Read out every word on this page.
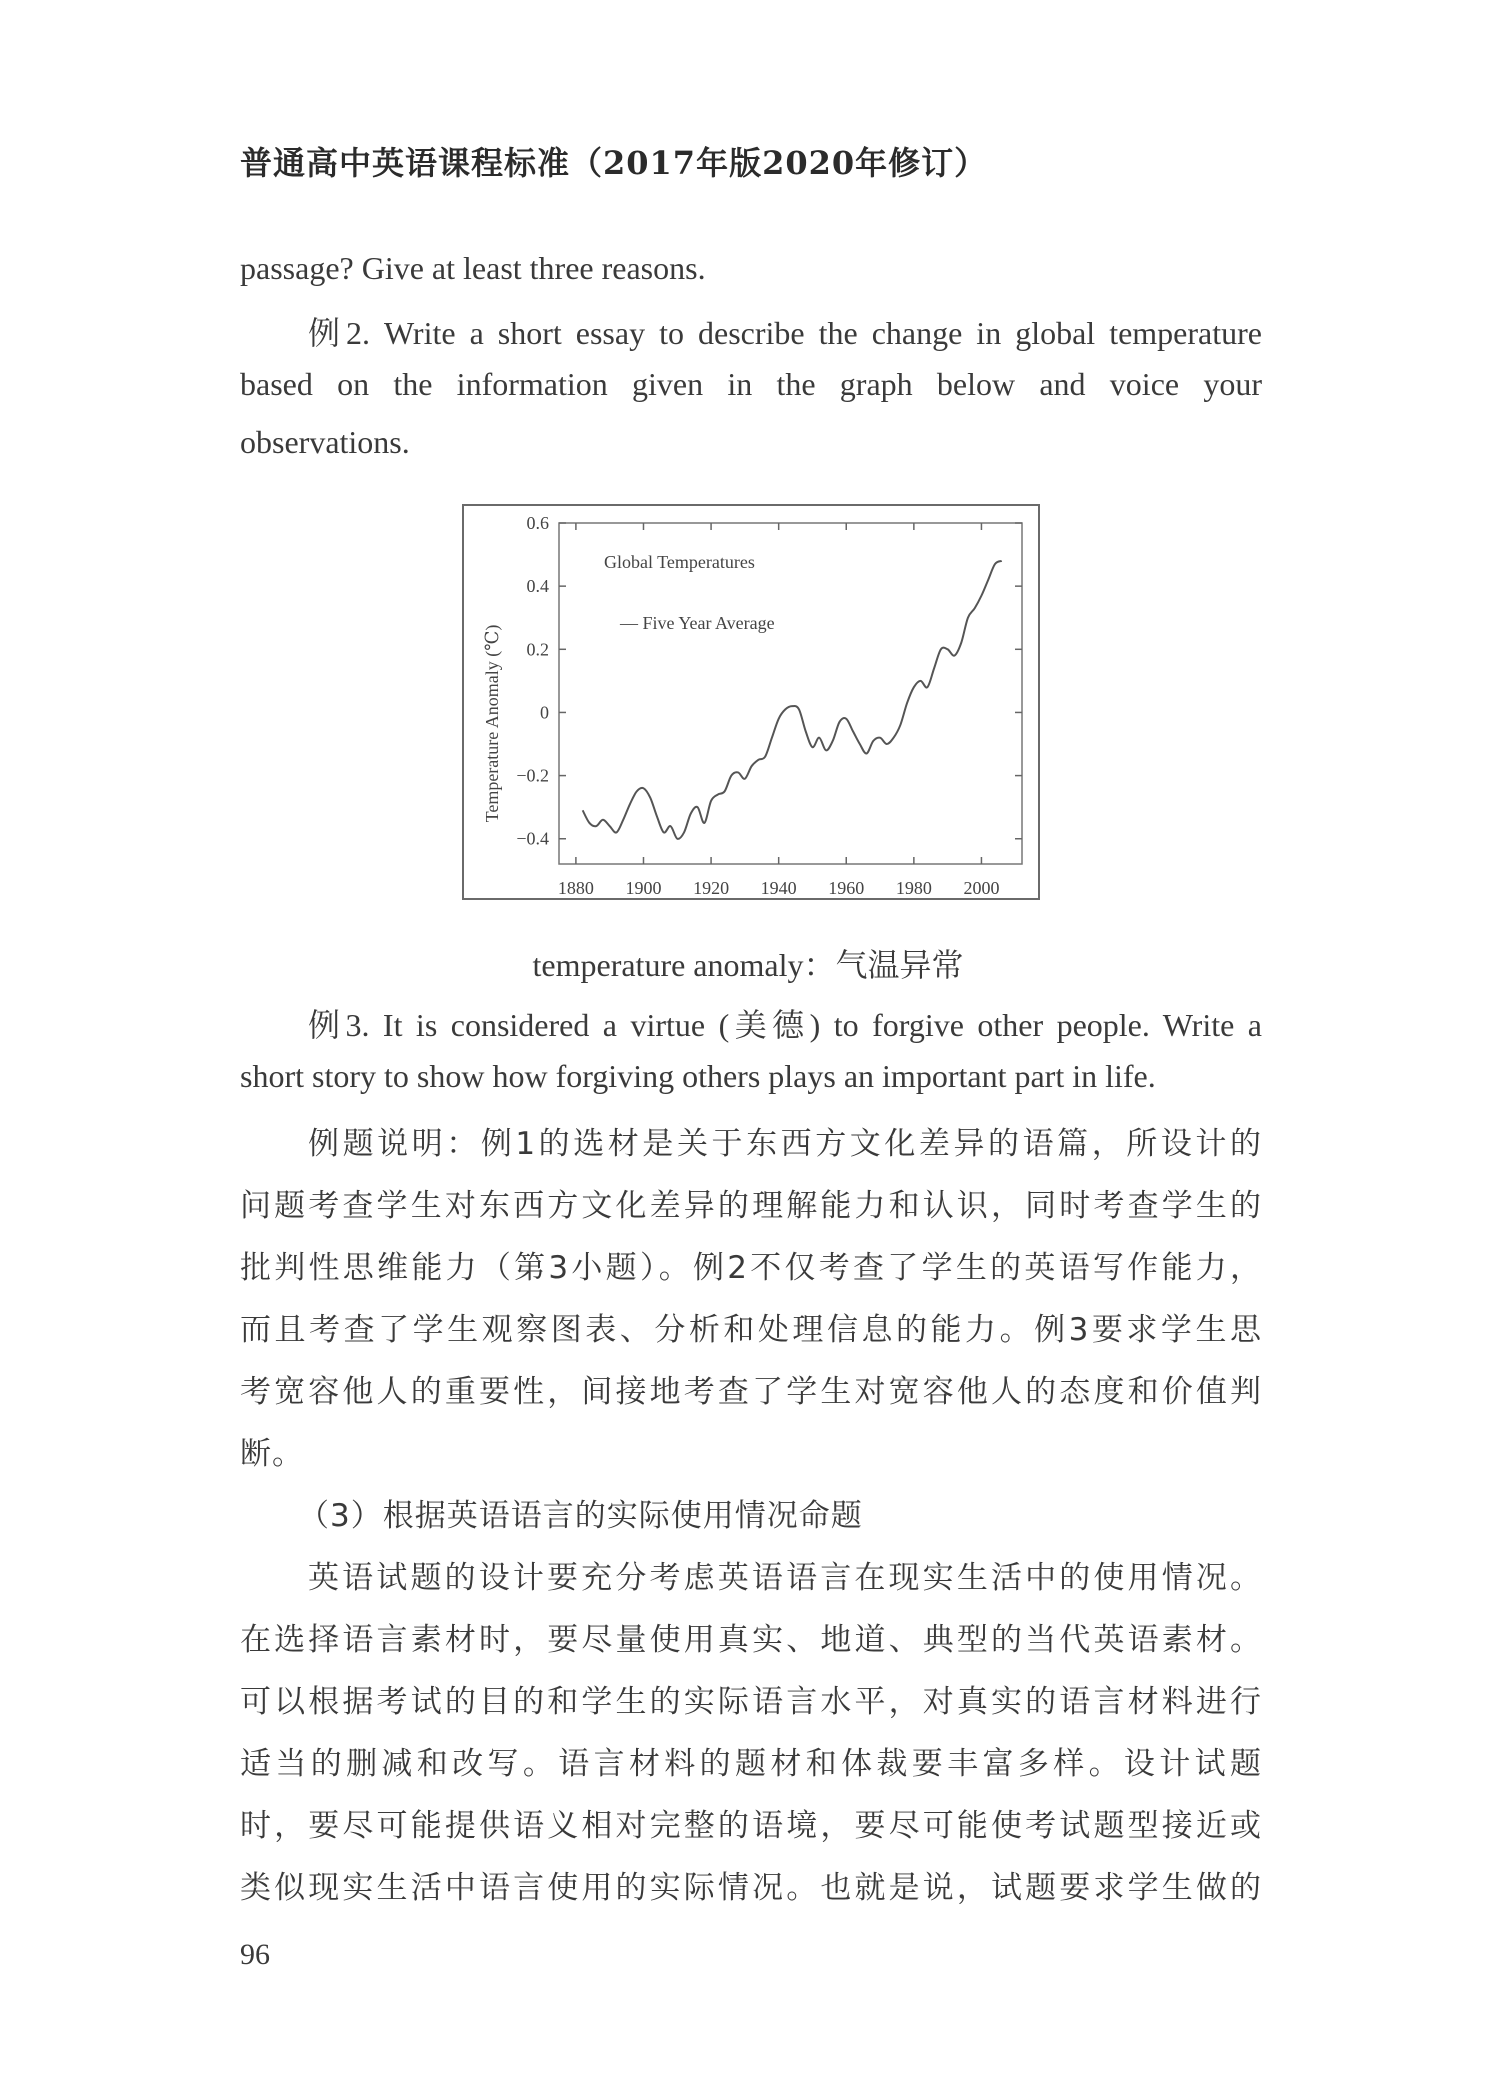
普通高中英语课程标准（2017年版2020年修订）
passage? Give at least three reasons.
例2. Write a short essay to describe the change in global temperature
based on the information given in the graph below and voice your
observations.
0.6
0.4
0.2
0
−0.2
−0.4
1880 1900 1920 1940 1960 1980 2000
Temperature Anomaly (℃)
Global Temperatures
— Five Year Average
temperature anomaly：气温异常
例3. It is considered a virtue (美德) to forgive other people. Write a
short story to show how forgiving others plays an important part in life.
例题说明：例1的选材是关于东西方文化差异的语篇，所设计的
问题考查学生对东西方文化差异的理解能力和认识，同时考查学生的
批判性思维能力（第3小题）。例2不仅考查了学生的英语写作能力，
而且考查了学生观察图表、分析和处理信息的能力。例3要求学生思
考宽容他人的重要性，间接地考查了学生对宽容他人的态度和价值判
断。
（3）根据英语语言的实际使用情况命题
英语试题的设计要充分考虑英语语言在现实生活中的使用情况。
在选择语言素材时，要尽量使用真实、地道、典型的当代英语素材。
可以根据考试的目的和学生的实际语言水平，对真实的语言材料进行
适当的删减和改写。语言材料的题材和体裁要丰富多样。设计试题
时，要尽可能提供语义相对完整的语境，要尽可能使考试题型接近或
类似现实生活中语言使用的实际情况。也就是说，试题要求学生做的
96
